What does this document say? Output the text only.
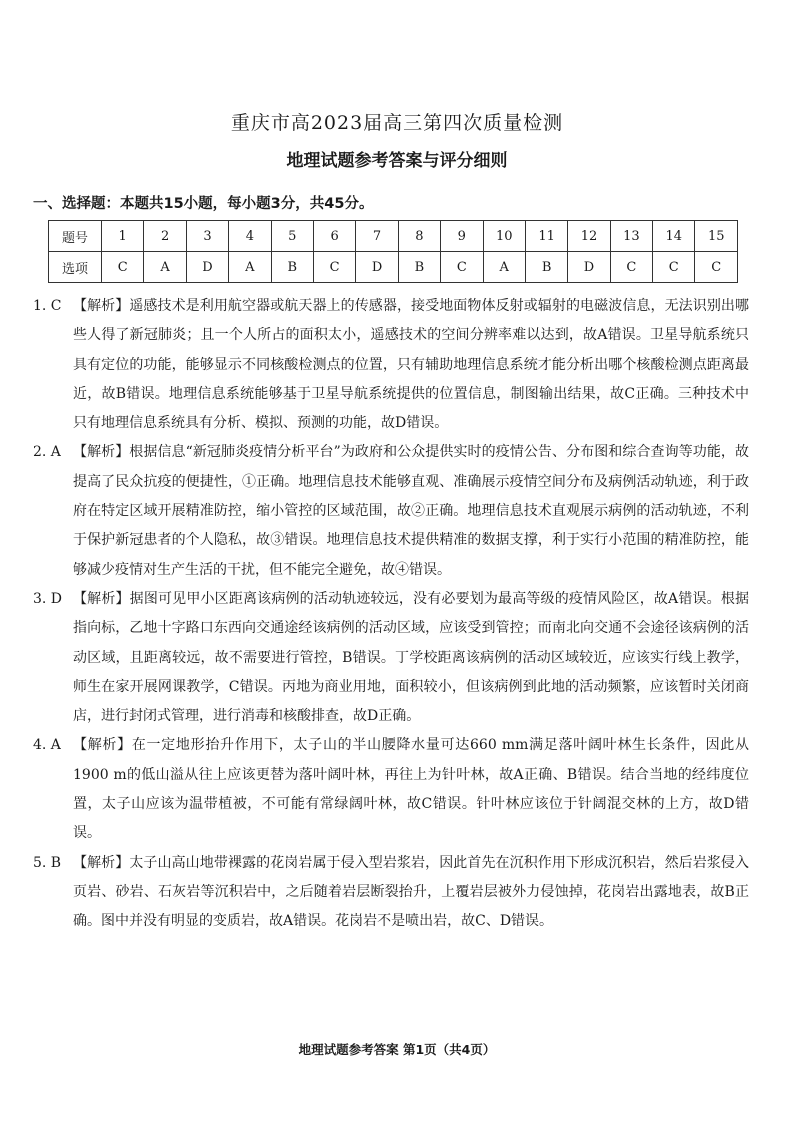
重庆市高2023届高三第四次质量检测
地理试题参考答案与评分细则
一、选择题：本题共15小题，每小题3分，共45分。
题号	1	2	3	4	5	6	7	8	9	10	11	12	13	14	15
选项	C	A	D	A	B	C	D	B	C	A	B	D	C	C	C
1. C 【解析】遥感技术是利用航空器或航天器上的传感器，接受地面物体反射或辐射的电磁波信息，无法识别出哪些人得了新冠肺炎；且一个人所占的面积太小，遥感技术的空间分辨率难以达到，故A错误。卫星导航系统只具有定位的功能，能够显示不同核酸检测点的位置，只有辅助地理信息系统才能分析出哪个核酸检测点距离最近，故B错误。地理信息系统能够基于卫星导航系统提供的位置信息，制图输出结果，故C正确。三种技术中只有地理信息系统具有分析、模拟、预测的功能，故D错误。
2. A 【解析】根据信息“新冠肺炎疫情分析平台”为政府和公众提供实时的疫情公告、分布图和综合查询等功能，故提高了民众抗疫的便捷性，①正确。地理信息技术能够直观、准确展示疫情空间分布及病例活动轨迹，利于政府在特定区域开展精准防控，缩小管控的区域范围，故②正确。地理信息技术直观展示病例的活动轨迹，不利于保护新冠患者的个人隐私，故③错误。地理信息技术提供精准的数据支撑，利于实行小范围的精准防控，能够减少疫情对生产生活的干扰，但不能完全避免，故④错误。
3. D 【解析】据图可见甲小区距离该病例的活动轨迹较远，没有必要划为最高等级的疫情风险区，故A错误。根据指向标，乙地十字路口东西向交通途经该病例的活动区域，应该受到管控；而南北向交通不会途径该病例的活动区域，且距离较远，故不需要进行管控，B错误。丁学校距离该病例的活动区域较近，应该实行线上教学，师生在家开展网课教学，C错误。丙地为商业用地，面积较小，但该病例到此地的活动频繁，应该暂时关闭商店，进行封闭式管理，进行消毒和核酸排查，故D正确。
4. A 【解析】在一定地形抬升作用下，太子山的半山腰降水量可达660 mm满足落叶阔叶林生长条件，因此从1900 m的低山溢从往上应该更替为落叶阔叶林，再往上为针叶林，故A正确、B错误。结合当地的经纬度位置，太子山应该为温带植被，不可能有常绿阔叶林，故C错误。针叶林应该位于针阔混交林的上方，故D错误。
5. B 【解析】太子山高山地带裸露的花岗岩属于侵入型岩浆岩，因此首先在沉积作用下形成沉积岩，然后岩浆侵入页岩、砂岩、石灰岩等沉积岩中，之后随着岩层断裂抬升，上覆岩层被外力侵蚀掉，花岗岩出露地表，故B正确。图中并没有明显的变质岩，故A错误。花岗岩不是喷出岩，故C、D错误。
地理试题参考答案 第1页（共4页）
